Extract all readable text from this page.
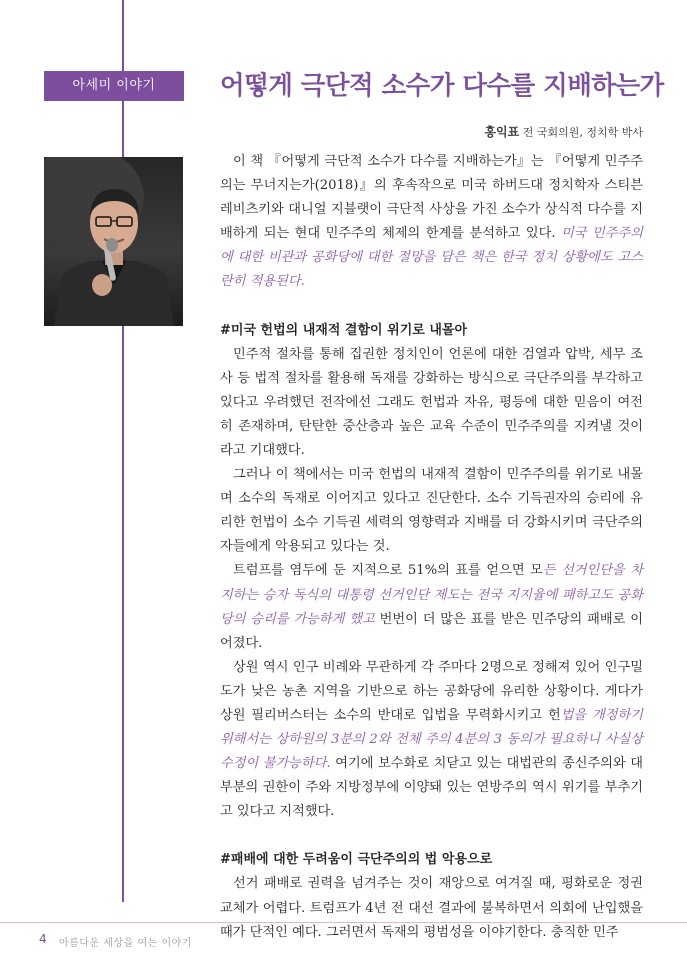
아세미 이야기	어떻게 극단적 소수가 다수를 지배하는가
홍익표 전 국회의원, 정치학 박사

이 책 『어떻게 극단적 소수가 다수를 지배하는가』는 『어떻게 민주주의는 무너지는가(2018)』의 후속작으로 미국 하버드대 정치학자 스티븐 레비츠키와 대니얼 지블랫이 극단적 사상을 가진 소수가 상식적 다수를 지배하게 되는 현대 민주주의 체제의 한계를 분석하고 있다. 미국 민주주의에 대한 비관과 공화당에 대한 절망을 담은 책은 한국 정치 상황에도 고스란히 적용된다.

#미국 헌법의 내재적 결함이 위기로 내몰아

민주적 절차를 통해 집권한 정치인이 언론에 대한 검열과 압박, 세무 조사 등 법적 절차를 활용해 독재를 강화하는 방식으로 극단주의를 부각하고 있다고 우려했던 전작에선 그래도 헌법과 자유, 평등에 대한 믿음이 여전히 존재하며, 탄탄한 중산층과 높은 교육 수준이 민주주의를 지켜낼 것이라고 기대했다.

그러나 이 책에서는 미국 헌법의 내재적 결함이 민주주의를 위기로 내몰며 소수의 독재로 이어지고 있다고 진단한다. 소수 기득권자의 승리에 유리한 헌법이 소수 기득권 세력의 영향력과 지배를 더 강화시키며 극단주의자들에게 악용되고 있다는 것.

트럼프를 염두에 둔 지적으로 51%의 표를 얻으면 모든 선거인단을 차지하는 승자 독식의 대통령 선거인단 제도는 전국 지지율에 패하고도 공화당의 승리를 가능하게 했고 번번이 더 많은 표를 받은 민주당의 패배로 이어졌다.

상원 역시 인구 비례와 무관하게 각 주마다 2명으로 정해져 있어 인구밀도가 낮은 농촌 지역을 기반으로 하는 공화당에 유리한 상황이다. 게다가 상원 필리버스터는 소수의 반대로 입법을 무력화시키고 헌법을 개정하기 위해서는 상하원의 3분의 2와 전체 주의 4분의 3 동의가 필요하니 사실상 수정이 불가능하다. 여기에 보수화로 치닫고 있는 대법관의 종신주의와 대부분의 권한이 주와 지방정부에 이양돼 있는 연방주의 역시 위기를 부추기고 있다고 지적했다.

#패배에 대한 두려움이 극단주의의 법 악용으로

선거 패배로 권력을 넘겨주는 것이 재앙으로 여겨질 때, 평화로운 정권 교체가 어렵다. 트럼프가 4년 전 대선 결과에 불복하면서 의회에 난입했을 때가 단적인 예다. 그러면서 독재의 평범성을 이야기한다. 충직한 민주

4 아름다운 세상을 여는 이야기
